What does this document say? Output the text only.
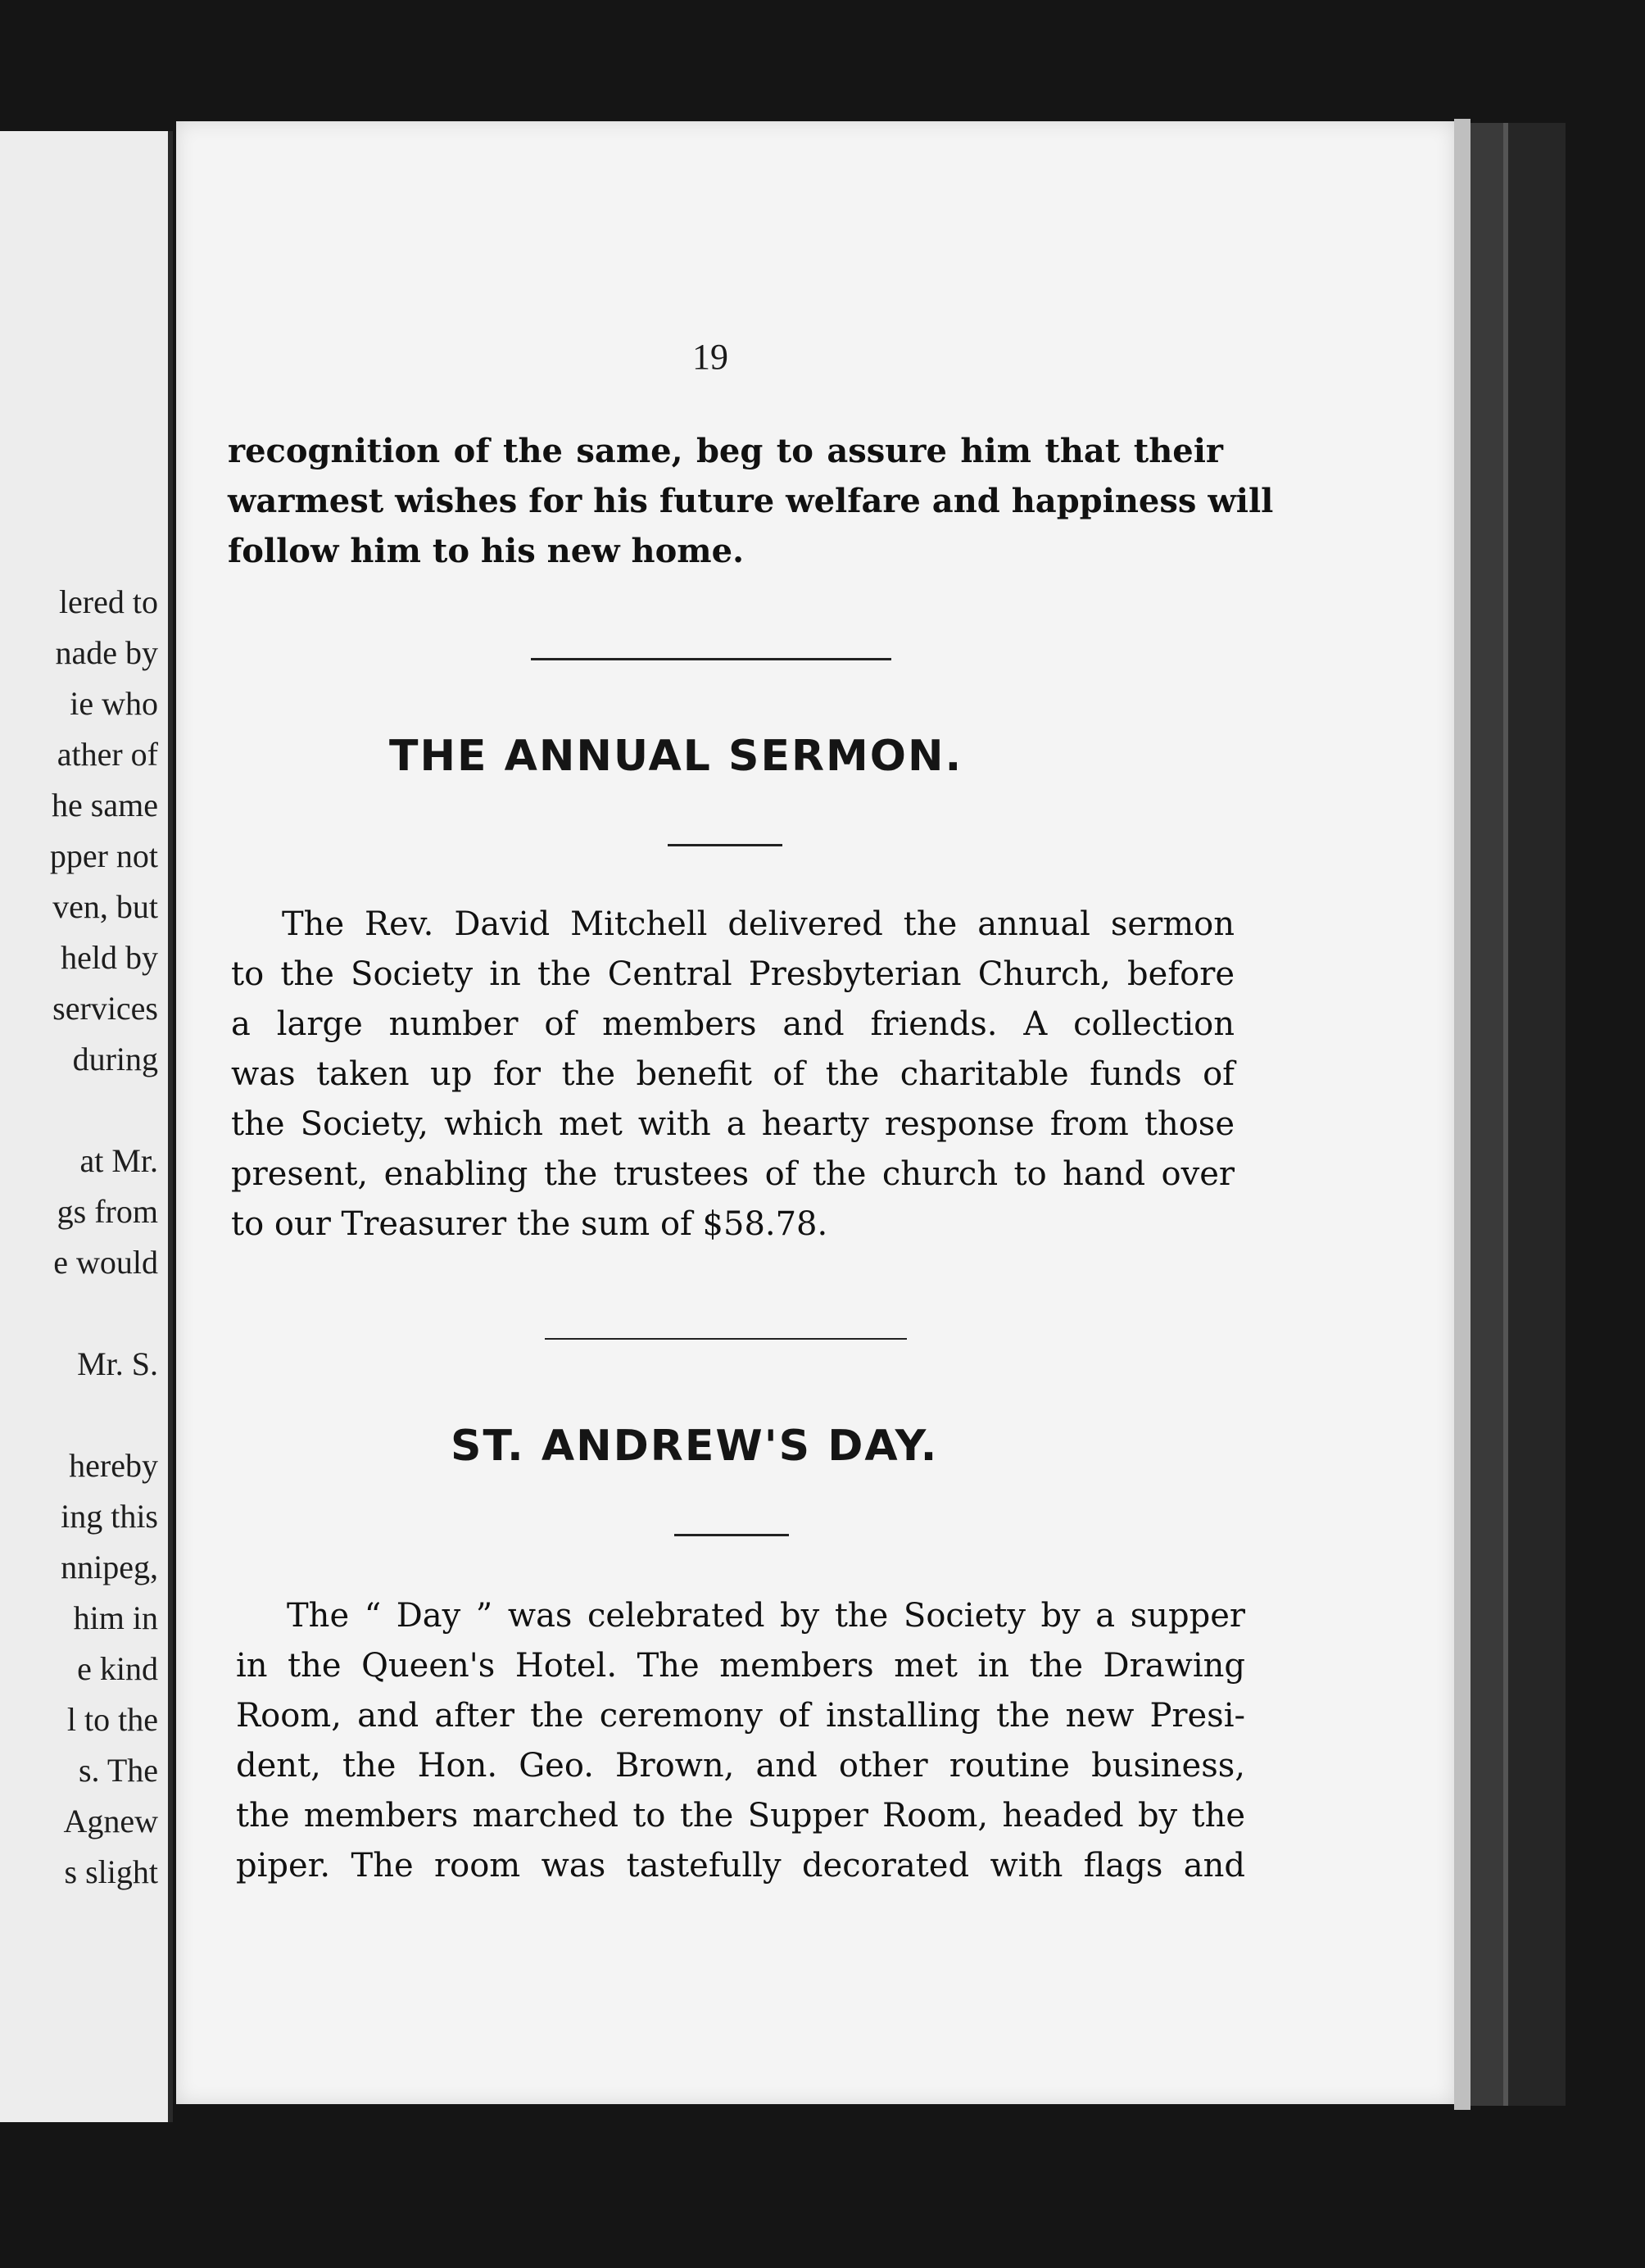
lered to
nade by
ie who
ather of
he same
pper not
ven, but
held by
services
during
at Mr.
gs from
e would
Mr. S.
hereby
ing this
nnipeg,
him in
e kind
l to the
s. The
Agnew
s slight
19

recognition of the same, beg to assure him that their
warmest wishes for his future welfare and happiness will
follow him to his new home.

THE ANNUAL SERMON.

The Rev. David Mitchell delivered the annual sermon
to the Society in the Central Presbyterian Church, before
a large number of members and friends. A collection
was taken up for the benefit of the charitable funds of
the Society, which met with a hearty response from those
present, enabling the trustees of the church to hand over
to our Treasurer the sum of $58.78.

ST. ANDREW'S DAY.

The “ Day ” was celebrated by the Society by a supper
in the Queen's Hotel. The members met in the Drawing
Room, and after the ceremony of installing the new Presi-
dent, the Hon. Geo. Brown, and other routine business,
the members marched to the Supper Room, headed by the
piper. The room was tastefully decorated with flags and
